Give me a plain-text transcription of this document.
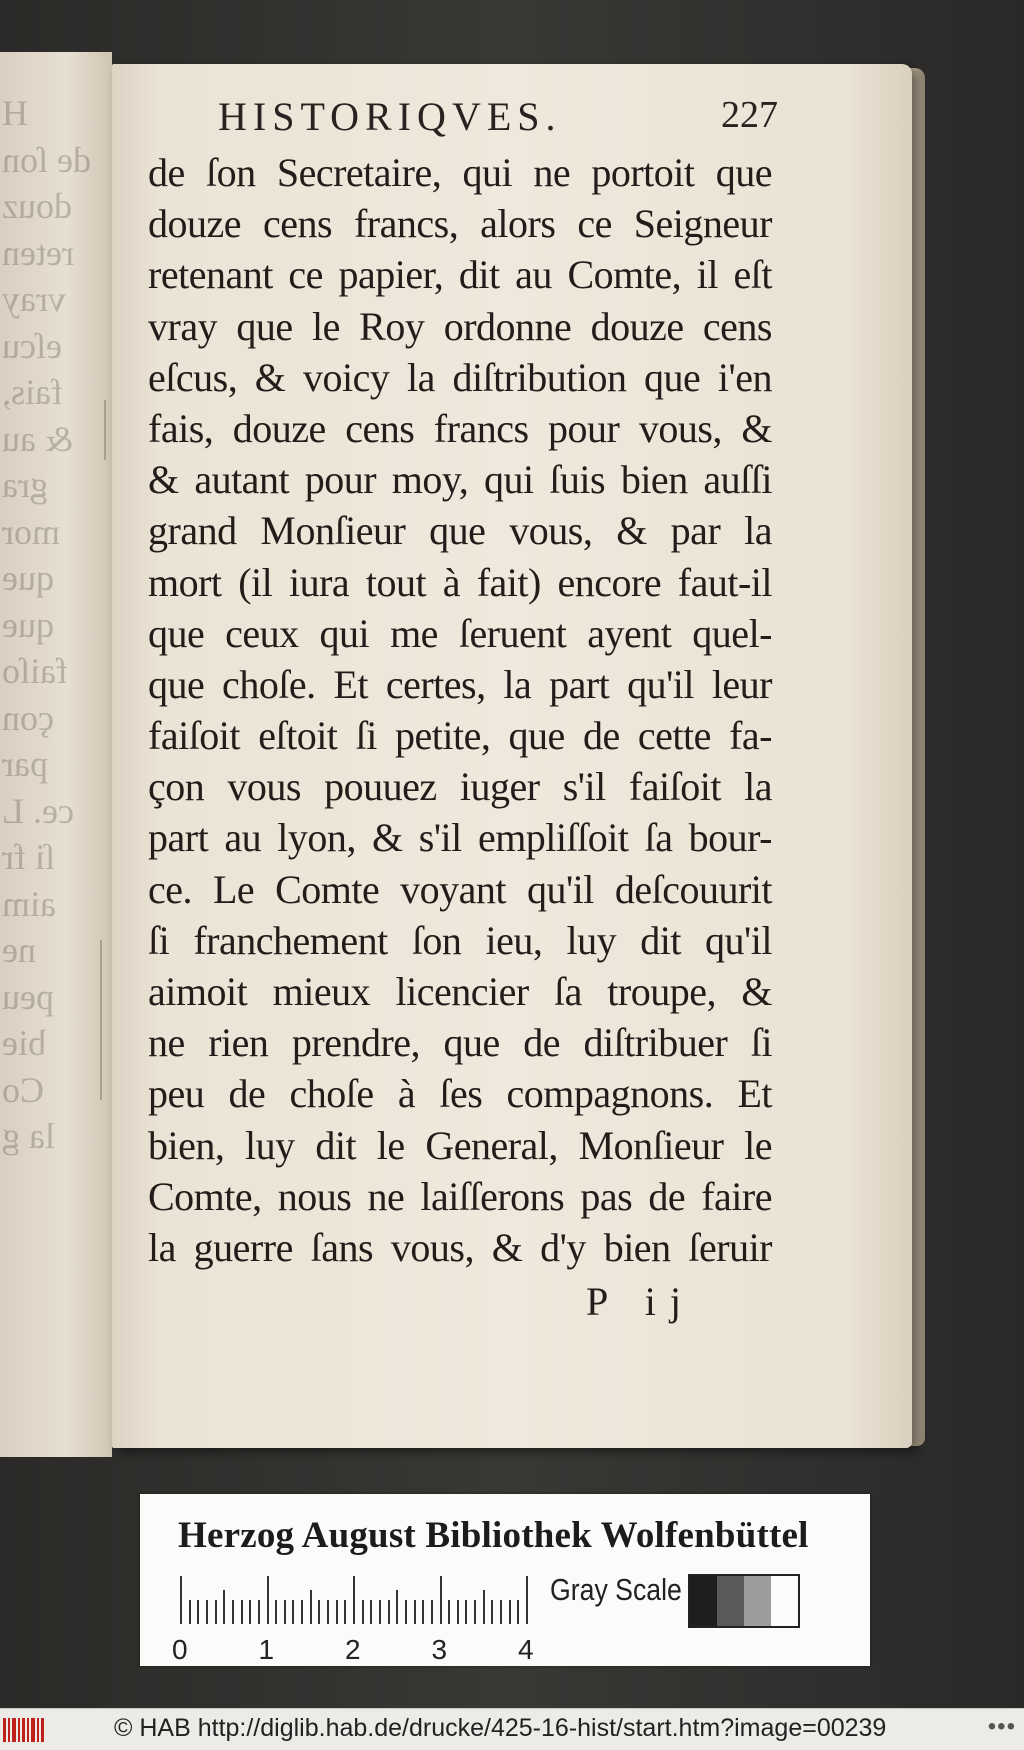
H
de ſon
douz
reten
vray
eſcu
fais,
& au
gra
mor
que
que
faiſo
çon
par
ce. L
ſi fr
aim
ne
peu
bie
Co
la g
HISTORIQVES.	227
de ſon Secretaire, qui ne portoit que
douze cens francs, alors ce Seigneur
retenant ce papier, dit au Comte, il eſt
vray que le Roy ordonne douze cens
eſcus, & voicy la diſtribution que i'en
fais, douze cens francs pour vous, &
& autant pour moy, qui ſuis bien auſſi
grand Monſieur que vous, & par la
mort (il iura tout à fait) encore faut-il
que ceux qui me ſeruent ayent quel-
que choſe. Et certes, la part qu'il leur
faiſoit eſtoit ſi petite, que de cette fa-
çon vous pouuez iuger s'il faiſoit la
part au lyon, & s'il empliſſoit ſa bour-
ce. Le Comte voyant qu'il deſcouurit
ſi franchement ſon ieu, luy dit qu'il
aimoit mieux licencier ſa troupe, &
ne rien prendre, que de diſtribuer ſi
peu de choſe à ſes compagnons. Et
bien, luy dit le General, Monſieur le
Comte, nous ne laiſſerons pas de faire
la guerre ſans vous, & d'y bien ſeruir
P ij
Herzog August Bibliothek Wolfenbüttel
Gray Scale
0	1	2	3	4
© HAB http://diglib.hab.de/drucke/425-16-hist/start.htm?image=00239	•••
